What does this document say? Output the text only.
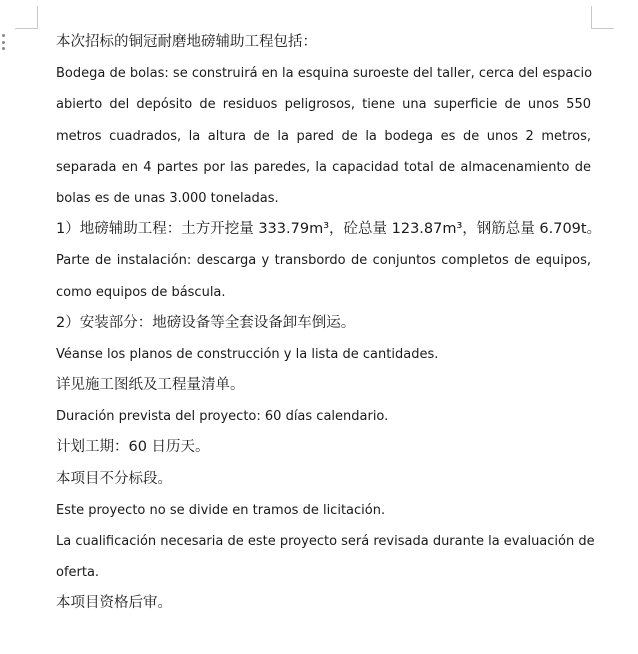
本次招标的铜冠耐磨地磅辅助工程包括：
Bodega de bolas: se construirá en la esquina suroeste del taller, cerca del espacio
abierto del depósito de residuos peligrosos, tiene una superficie de unos 550
metros cuadrados, la altura de la pared de la bodega es de unos 2 metros,
separada en 4 partes por las paredes, la capacidad total de almacenamiento de
bolas es de unas 3.000 toneladas.
1）地磅辅助工程：土方开挖量 333.79m³，砼总量 123.87m³，钢筋总量 6.709t。
Parte de instalación: descarga y transbordo de conjuntos completos de equipos,
como equipos de báscula.
2）安装部分：地磅设备等全套设备卸车倒运。
Véanse los planos de construcción y la lista de cantidades.
详见施工图纸及工程量清单。
Duración prevista del proyecto: 60 días calendario.
计划工期：60 日历天。
本项目不分标段。
Este proyecto no se divide en tramos de licitación.
La cualificación necesaria de este proyecto será revisada durante la evaluación de
oferta.
本项目资格后审。
